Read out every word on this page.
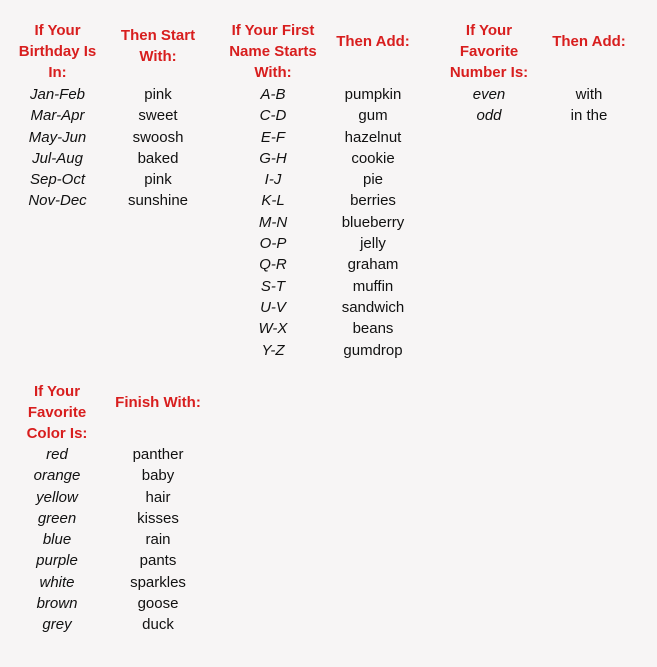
If Your
Birthday Is
In:
Jan-Feb
Mar-Apr
May-Jun
Jul-Aug
Sep-Oct
Nov-Dec
Then Start
With:
pink
sweet
swoosh
baked
pink
sunshine
If Your First
Name Starts
With:
A-B
C-D
E-F
G-H
I-J
K-L
M-N
O-P
Q-R
S-T
U-V
W-X
Y-Z
Then Add:
pumpkin
gum
hazelnut
cookie
pie
berries
blueberry
jelly
graham
muffin
sandwich
beans
gumdrop
If Your
Favorite
Number Is:
even
odd
Then Add:
with
in the
If Your
Favorite
Color Is:
red
orange
yellow
green
blue
purple
white
brown
grey
Finish With:
panther
baby
hair
kisses
rain
pants
sparkles
goose
duck
